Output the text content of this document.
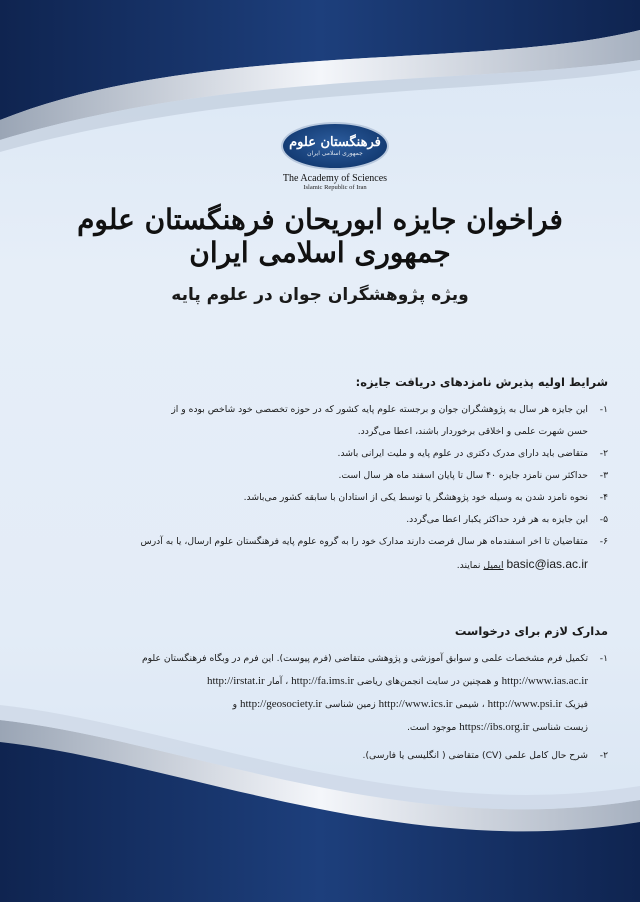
فرهنگستان علوم
جمهوری اسلامی ایران
The Academy of Sciences
Islamic Republic of Iran
فراخوان جایزه ابوریحان فرهنگستان علوم جمهوری اسلامی ایران
ویژه پژوهشگران جوان در علوم پایه

شرایط اولیه پذیرش نامزدهای دریافت جایزه:

۱-
این جایزه هر سال به پژوهشگران جوان و برجسته علوم پایه کشور که در حوزه تخصصی خود شاخص بوده و از
حسن شهرت علمی و اخلاقی برخوردار باشند، اعطا می‌گردد.
۲-
متقاضی باید دارای مدرک دکتری در علوم پایه و ملیت ایرانی باشد.
۳-
حداکثر سن نامزد جایزه ۴۰ سال تا پایان اسفند ماه هر سال است.
۴-
نحوه نامزد شدن به وسیله خود پژوهشگر یا توسط یکی از استادان با سابقه کشور می‌باشد.
۵-
این جایزه به هر فرد حداکثر یکبار اعطا می‌گردد.
۶-
متقاضیان تا اخر اسفندماه هر سال فرصت دارند مدارک خود را به گروه علوم پایه فرهنگستان علوم ارسال، یا به آدرس
basic@ias.ac.ir ایمیل نمایند.

مدارک لازم برای درخواست

۱-
تکمیل فرم مشخصات علمی و سوابق آموزشی و پژوهشی متقاضی (فرم پیوست). این فرم در وبگاه فرهنگستان علوم
http://www.ias.ac.ir و همچنین در سایت انجمن‌های ریاضی http://fa.ims.ir ، آمار http://irstat.ir
فیزیک http://www.psi.ir ، شیمی http://www.ics.ir زمین شناسی http://geosociety.ir و
زیست شناسی https://ibs.org.ir موجود است.
۲-
شرح حال کامل علمی (CV) متقاضی ( انگلیسی یا فارسی).
